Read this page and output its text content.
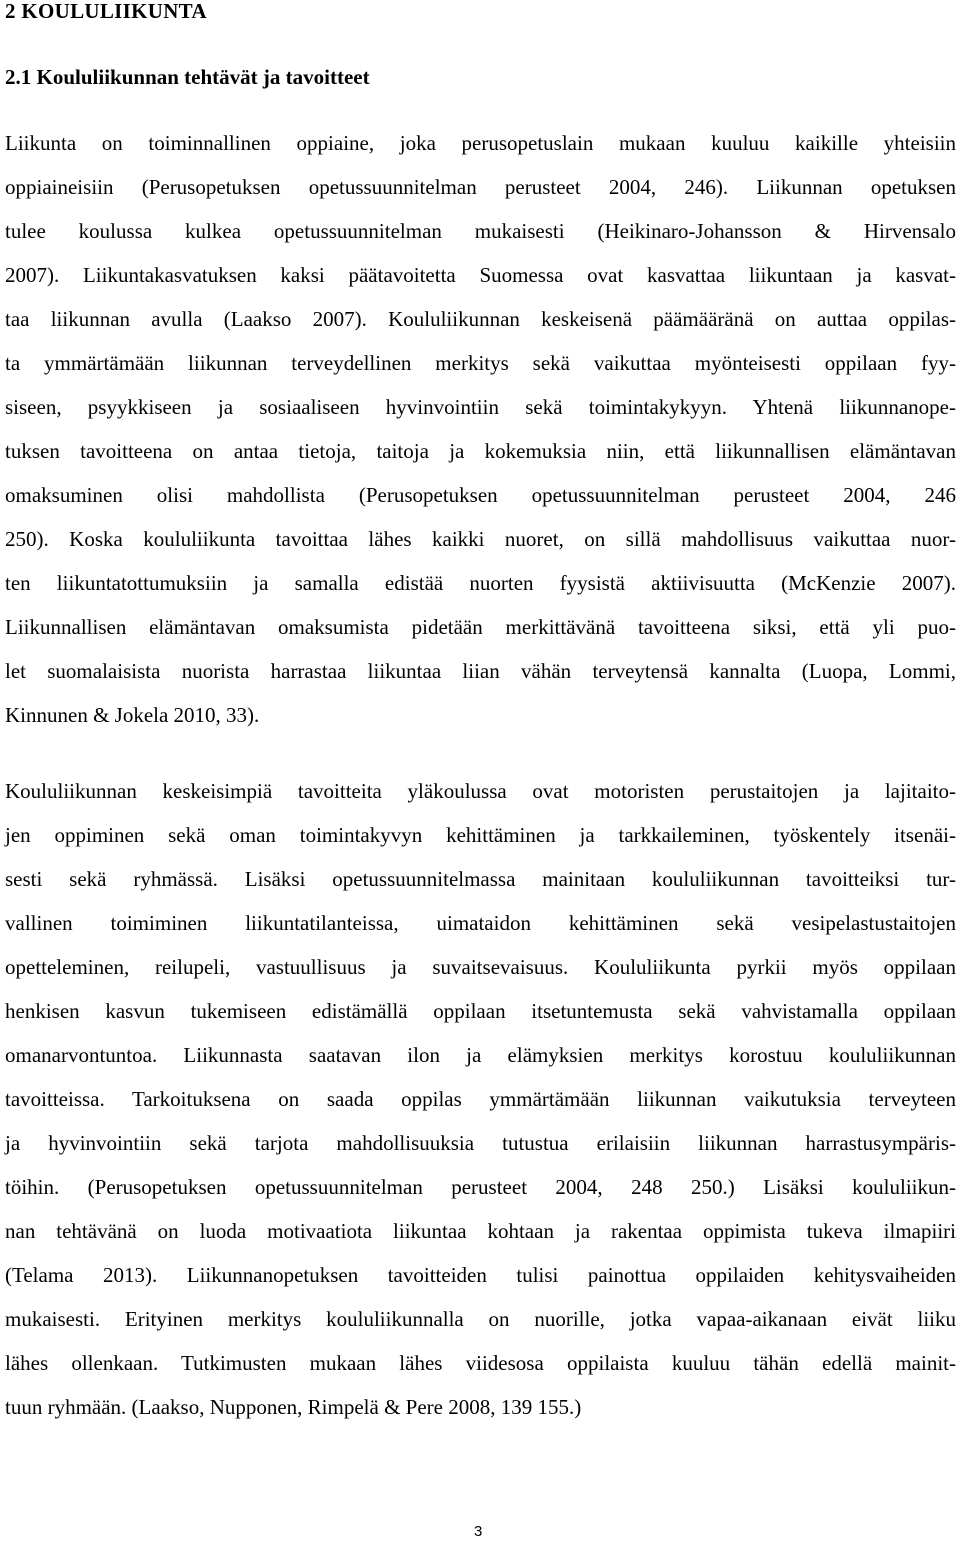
2 KOULULIIKUNTA
2.1 Koululiikunnan tehtävät ja tavoitteet
Liikunta on toiminnallinen oppiaine, joka perusopetuslain mukaan kuuluu kaikille yhteisiin
oppiaineisiin (Perusopetuksen opetussuunnitelman perusteet 2004, 246). Liikunnan opetuksen
tulee koulussa kulkea opetussuunnitelman mukaisesti (Heikinaro-Johansson & Hirvensalo
2007). Liikuntakasvatuksen kaksi päätavoitetta Suomessa ovat kasvattaa liikuntaan ja kasvat-
taa liikunnan avulla (Laakso 2007). Koululiikunnan keskeisenä päämääränä on auttaa oppilas-
ta ymmärtämään liikunnan terveydellinen merkitys sekä vaikuttaa myönteisesti oppilaan fyy-
siseen, psyykkiseen ja sosiaaliseen hyvinvointiin sekä toimintakykyyn. Yhtenä liikunnanope-
tuksen tavoitteena on antaa tietoja, taitoja ja kokemuksia niin, että liikunnallisen elämäntavan
omaksuminen olisi mahdollista (Perusopetuksen opetussuunnitelman perusteet 2004, 246
250). Koska koululiikunta tavoittaa lähes kaikki nuoret, on sillä mahdollisuus vaikuttaa nuor-
ten liikuntatottumuksiin ja samalla edistää nuorten fyysistä aktiivisuutta (McKenzie 2007).
Liikunnallisen elämäntavan omaksumista pidetään merkittävänä tavoitteena siksi, että yli puo-
let suomalaisista nuorista harrastaa liikuntaa liian vähän terveytensä kannalta (Luopa, Lommi,
Kinnunen & Jokela 2010, 33).
Koululiikunnan keskeisimpiä tavoitteita yläkoulussa ovat motoristen perustaitojen ja lajitaito-
jen oppiminen sekä oman toimintakyvyn kehittäminen ja tarkkaileminen, työskentely itsenäi-
sesti sekä ryhmässä. Lisäksi opetussuunnitelmassa mainitaan koululiikunnan tavoitteiksi tur-
vallinen toimiminen liikuntatilanteissa, uimataidon kehittäminen sekä vesipelastustaitojen
opetteleminen, reilupeli, vastuullisuus ja suvaitsevaisuus. Koululiikunta pyrkii myös oppilaan
henkisen kasvun tukemiseen edistämällä oppilaan itsetuntemusta sekä vahvistamalla oppilaan
omanarvontuntoa. Liikunnasta saatavan ilon ja elämyksien merkitys korostuu koululiikunnan
tavoitteissa. Tarkoituksena on saada oppilas ymmärtämään liikunnan vaikutuksia terveyteen
ja hyvinvointiin sekä tarjota mahdollisuuksia tutustua erilaisiin liikunnan harrastusympäris-
töihin. (Perusopetuksen opetussuunnitelman perusteet 2004, 248 250.) Lisäksi koululiikun-
nan tehtävänä on luoda motivaatiota liikuntaa kohtaan ja rakentaa oppimista tukeva ilmapiiri
(Telama 2013). Liikunnanopetuksen tavoitteiden tulisi painottua oppilaiden kehitysvaiheiden
mukaisesti. Erityinen merkitys koululiikunnalla on nuorille, jotka vapaa-aikanaan eivät liiku
lähes ollenkaan. Tutkimusten mukaan lähes viidesosa oppilaista kuuluu tähän edellä mainit-
tuun ryhmään. (Laakso, Nupponen, Rimpelä & Pere 2008, 139 155.)
3
